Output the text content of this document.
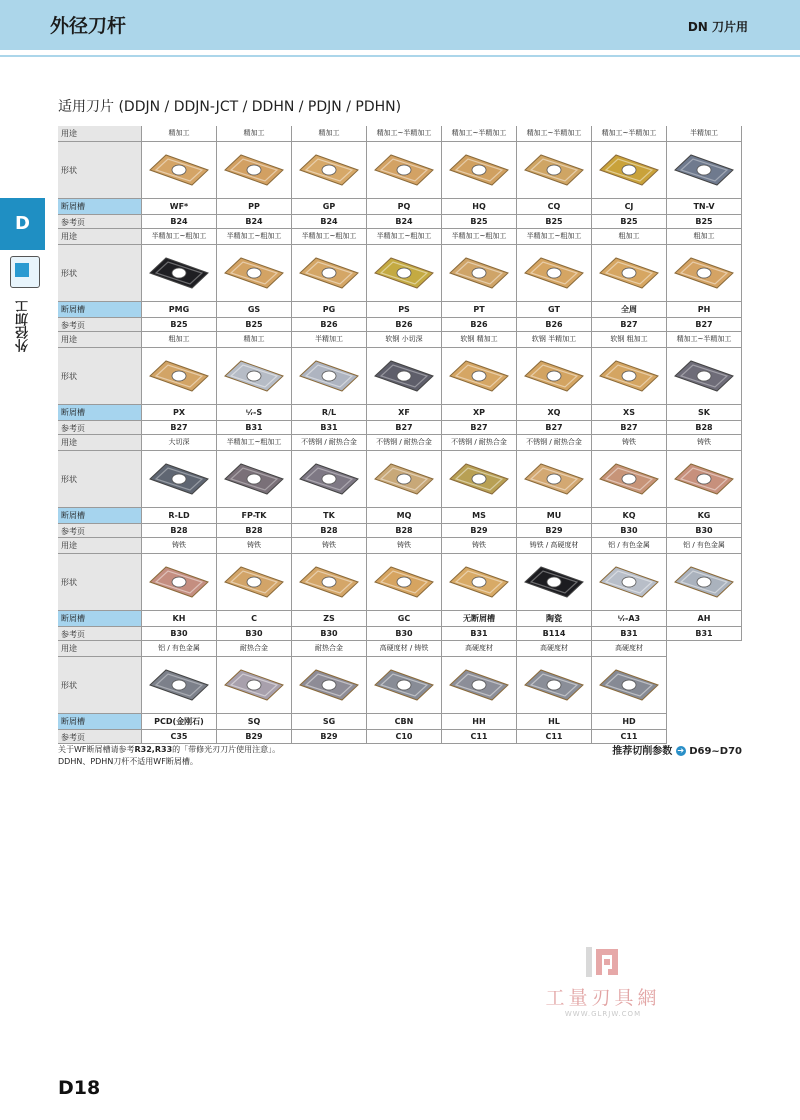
外径刀杆	DN 刀片用
D
外径加工
适用刀片 (DDJN / DDJN-JCT / DDHN / PDJN / PDHN)
用途
形状
断屑槽
参考页
精加工
WF*
B24
精加工
PP
B24
精加工
GP
B24
精加工~半精加工
PQ
B24
精加工~半精加工
HQ
B25
精加工~半精加工
CQ
B25
精加工~半精加工
CJ
B25
半精加工
TN-V
B25
用途
形状
断屑槽
参考页
半精加工~粗加工
PMG
B25
半精加工~粗加工
GS
B25
半精加工~粗加工
PG
B26
半精加工~粗加工
PS
B26
半精加工~粗加工
PT
B26
半精加工~粗加工
GT
B26
粗加工
全周
B27
粗加工
PH
B27
用途
形状
断屑槽
参考页
粗加工
PX
B27
精加工
ᴸ⁄ᵣ-S
B31
半精加工
R/L
B31
软钢 小切深
XF
B27
软钢 精加工
XP
B27
软钢 半精加工
XQ
B27
软钢 粗加工
XS
B27
精加工~半精加工
SK
B28
用途
形状
断屑槽
参考页
大切深
R-LD
B28
半精加工~粗加工
FP-TK
B28
不锈钢 / 耐热合金
TK
B28
不锈钢 / 耐热合金
MQ
B28
不锈钢 / 耐热合金
MS
B29
不锈钢 / 耐热合金
MU
B29
铸铁
KQ
B30
铸铁
KG
B30
用途
形状
断屑槽
参考页
铸铁
KH
B30
铸铁
C
B30
铸铁
ZS
B30
铸铁
GC
B30
铸铁
无断屑槽
B31
铸铁 / 高硬度材
陶瓷
B114
铝 / 有色金属
ᴸ⁄ᵣ-A3
B31
铝 / 有色金属
AH
B31
用途
形状
断屑槽
参考页
铝 / 有色金属
PCD(金刚石)
C35
耐热合金
SQ
B29
耐热合金
SG
B29
高硬度材 / 铸铁
CBN
C10
高硬度材
HH
C11
高硬度材
HL
C11
高硬度材
HD
C11
关于WF断屑槽请参考R32,R33的「带修光刃刀片使用注意」。
DDHN、PDHN刀杆不适用WF断屑槽。
推荐切削参数 ➔ D69~D70
工量刃具網
WWW.GLRJW.COM
D18
